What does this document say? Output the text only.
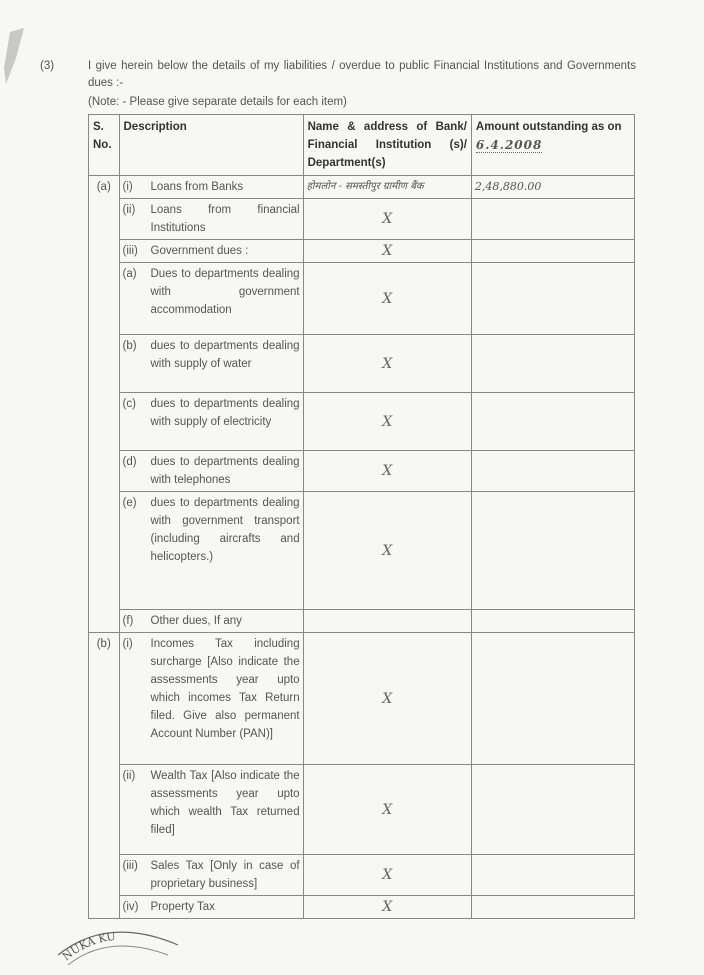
(3)	I give herein below the details of my liabilities / overdue to public Financial Institutions and Governments dues :-
(Note: - Please give separate details for each item)
S. No.	Description	Name & address of Bank/ Financial Institution (s)/ Department(s)	Amount outstanding as on 6.4.2008
(a)	(i) Loans from Banks	होमलोन - समस्तीपुर ग्रामीण बैंक	2,48,880.00

	(ii) Loans from financial Institutions	X	

	(iii) Government dues :	X	

	(a) Dues to departments dealing with government accommodation	X	

	(b) dues to departments dealing with supply of water	X	

	(c) dues to departments dealing with supply of electricity	X	

	(d) dues to departments dealing with telephones	X	

	(e) dues to departments dealing with government transport (including aircrafts and helicopters.)	X	

	(f) Other dues, If any		

(b)	(i) Incomes Tax including surcharge [Also indicate the assessments year upto which incomes Tax Return filed. Give also permanent Account Number (PAN)]	X	

	(ii) Wealth Tax [Also indicate the assessments year upto which wealth Tax returned filed]	X	

	(iii) Sales Tax [Only in case of proprietary business]	X	

	(iv) Property Tax	X	
NUKA KU
